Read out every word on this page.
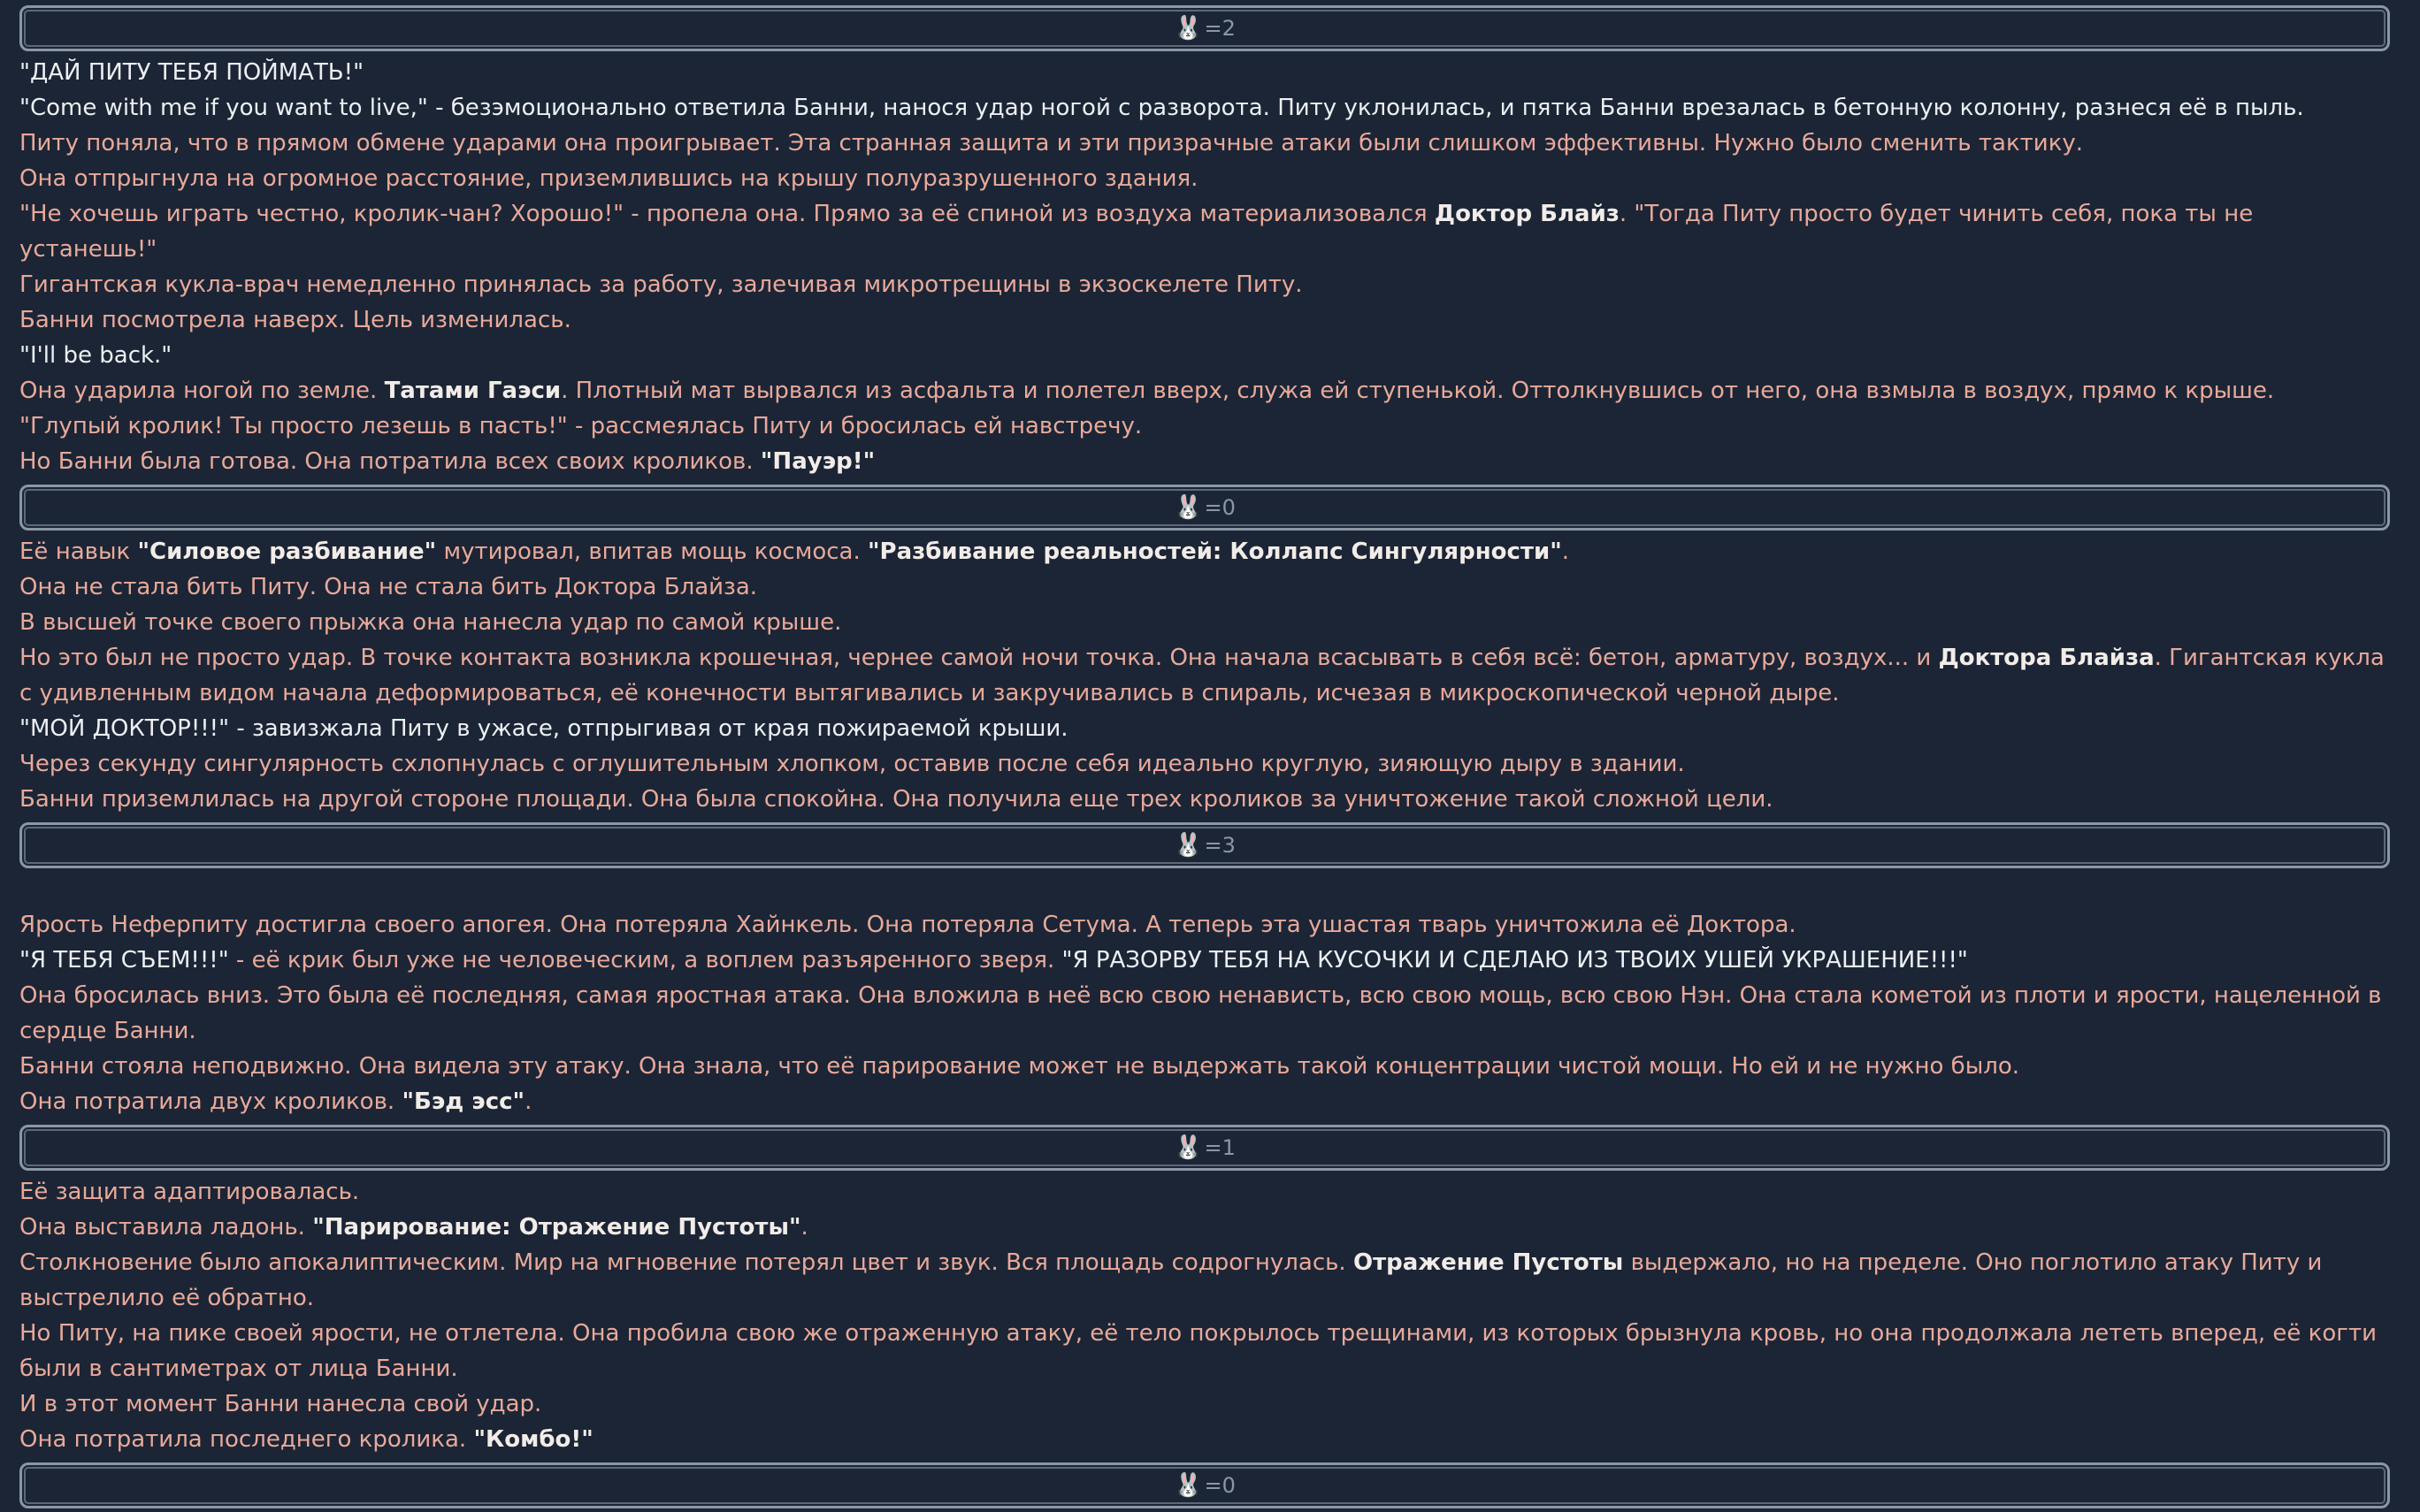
🐰 =2
"ДАЙ ПИТУ ТЕБЯ ПОЙМАТЬ!"
"Come with me if you want to live," - безэмоционально ответила Банни, нанося удар ногой с разворота. Питу уклонилась, и пятка Банни врезалась в бетонную колонну, разнеся её в пыль.
Питу поняла, что в прямом обмене ударами она проигрывает. Эта странная защита и эти призрачные атаки были слишком эффективны. Нужно было сменить тактику.
Она отпрыгнула на огромное расстояние, приземлившись на крышу полуразрушенного здания.
"Не хочешь играть честно, кролик-чан? Хорошо!" - пропела она. Прямо за её спиной из воздуха материализовался Доктор Блайз. "Тогда Питу просто будет чинить себя, пока ты не устанешь!"
Гигантская кукла-врач немедленно принялась за работу, залечивая микротрещины в экзоскелете Питу.
Банни посмотрела наверх. Цель изменилась.
"I'll be back."
Она ударила ногой по земле. Татами Гаэси. Плотный мат вырвался из асфальта и полетел вверх, служа ей ступенькой. Оттолкнувшись от него, она взмыла в воздух, прямо к крыше.
"Глупый кролик! Ты просто лезешь в пасть!" - рассмеялась Питу и бросилась ей навстречу.
Но Банни была готова. Она потратила всех своих кроликов. "Пауэр!"
🐰 =0
Её навык "Силовое разбивание" мутировал, впитав мощь космоса. "Разбивание реальностей: Коллапс Сингулярности".
Она не стала бить Питу. Она не стала бить Доктора Блайза.
В высшей точке своего прыжка она нанесла удар по самой крыше.
Но это был не просто удар. В точке контакта возникла крошечная, чернее самой ночи точка. Она начала всасывать в себя всё: бетон, арматуру, воздух... и Доктора Блайза. Гигантская кукла с удивленным видом начала деформироваться, её конечности вытягивались и закручивались в спираль, исчезая в микроскопической черной дыре.
"МОЙ ДОКТОР!!!" - завизжала Питу в ужасе, отпрыгивая от края пожираемой крыши.
Через секунду сингулярность схлопнулась с оглушительным хлопком, оставив после себя идеально круглую, зияющую дыру в здании.
Банни приземлилась на другой стороне площади. Она была спокойна. Она получила еще трех кроликов за уничтожение такой сложной цели.
🐰 =3
Ярость Неферпиту достигла своего апогея. Она потеряла Хайнкель. Она потеряла Сетума. А теперь эта ушастая тварь уничтожила её Доктора.
"Я ТЕБЯ СЪЕМ!!!" - её крик был уже не человеческим, а воплем разъяренного зверя. "Я РАЗОРВУ ТЕБЯ НА КУСОЧКИ И СДЕЛАЮ ИЗ ТВОИХ УШЕЙ УКРАШЕНИЕ!!!"
Она бросилась вниз. Это была её последняя, самая яростная атака. Она вложила в неё всю свою ненависть, всю свою мощь, всю свою Нэн. Она стала кометой из плоти и ярости, нацеленной в сердце Банни.
Банни стояла неподвижно. Она видела эту атаку. Она знала, что её парирование может не выдержать такой концентрации чистой мощи. Но ей и не нужно было.
Она потратила двух кроликов. "Бэд эсс".
🐰 =1
Её защита адаптировалась.
Она выставила ладонь. "Парирование: Отражение Пустоты".
Столкновение было апокалиптическим. Мир на мгновение потерял цвет и звук. Вся площадь содрогнулась. Отражение Пустоты выдержало, но на пределе. Оно поглотило атаку Питу и выстрелило её обратно.
Но Питу, на пике своей ярости, не отлетела. Она пробила свою же отраженную атаку, её тело покрылось трещинами, из которых брызнула кровь, но она продолжала лететь вперед, её когти были в сантиметрах от лица Банни.
И в этот момент Банни нанесла свой удар.
Она потратила последнего кролика. "Комбо!"
🐰 =0
